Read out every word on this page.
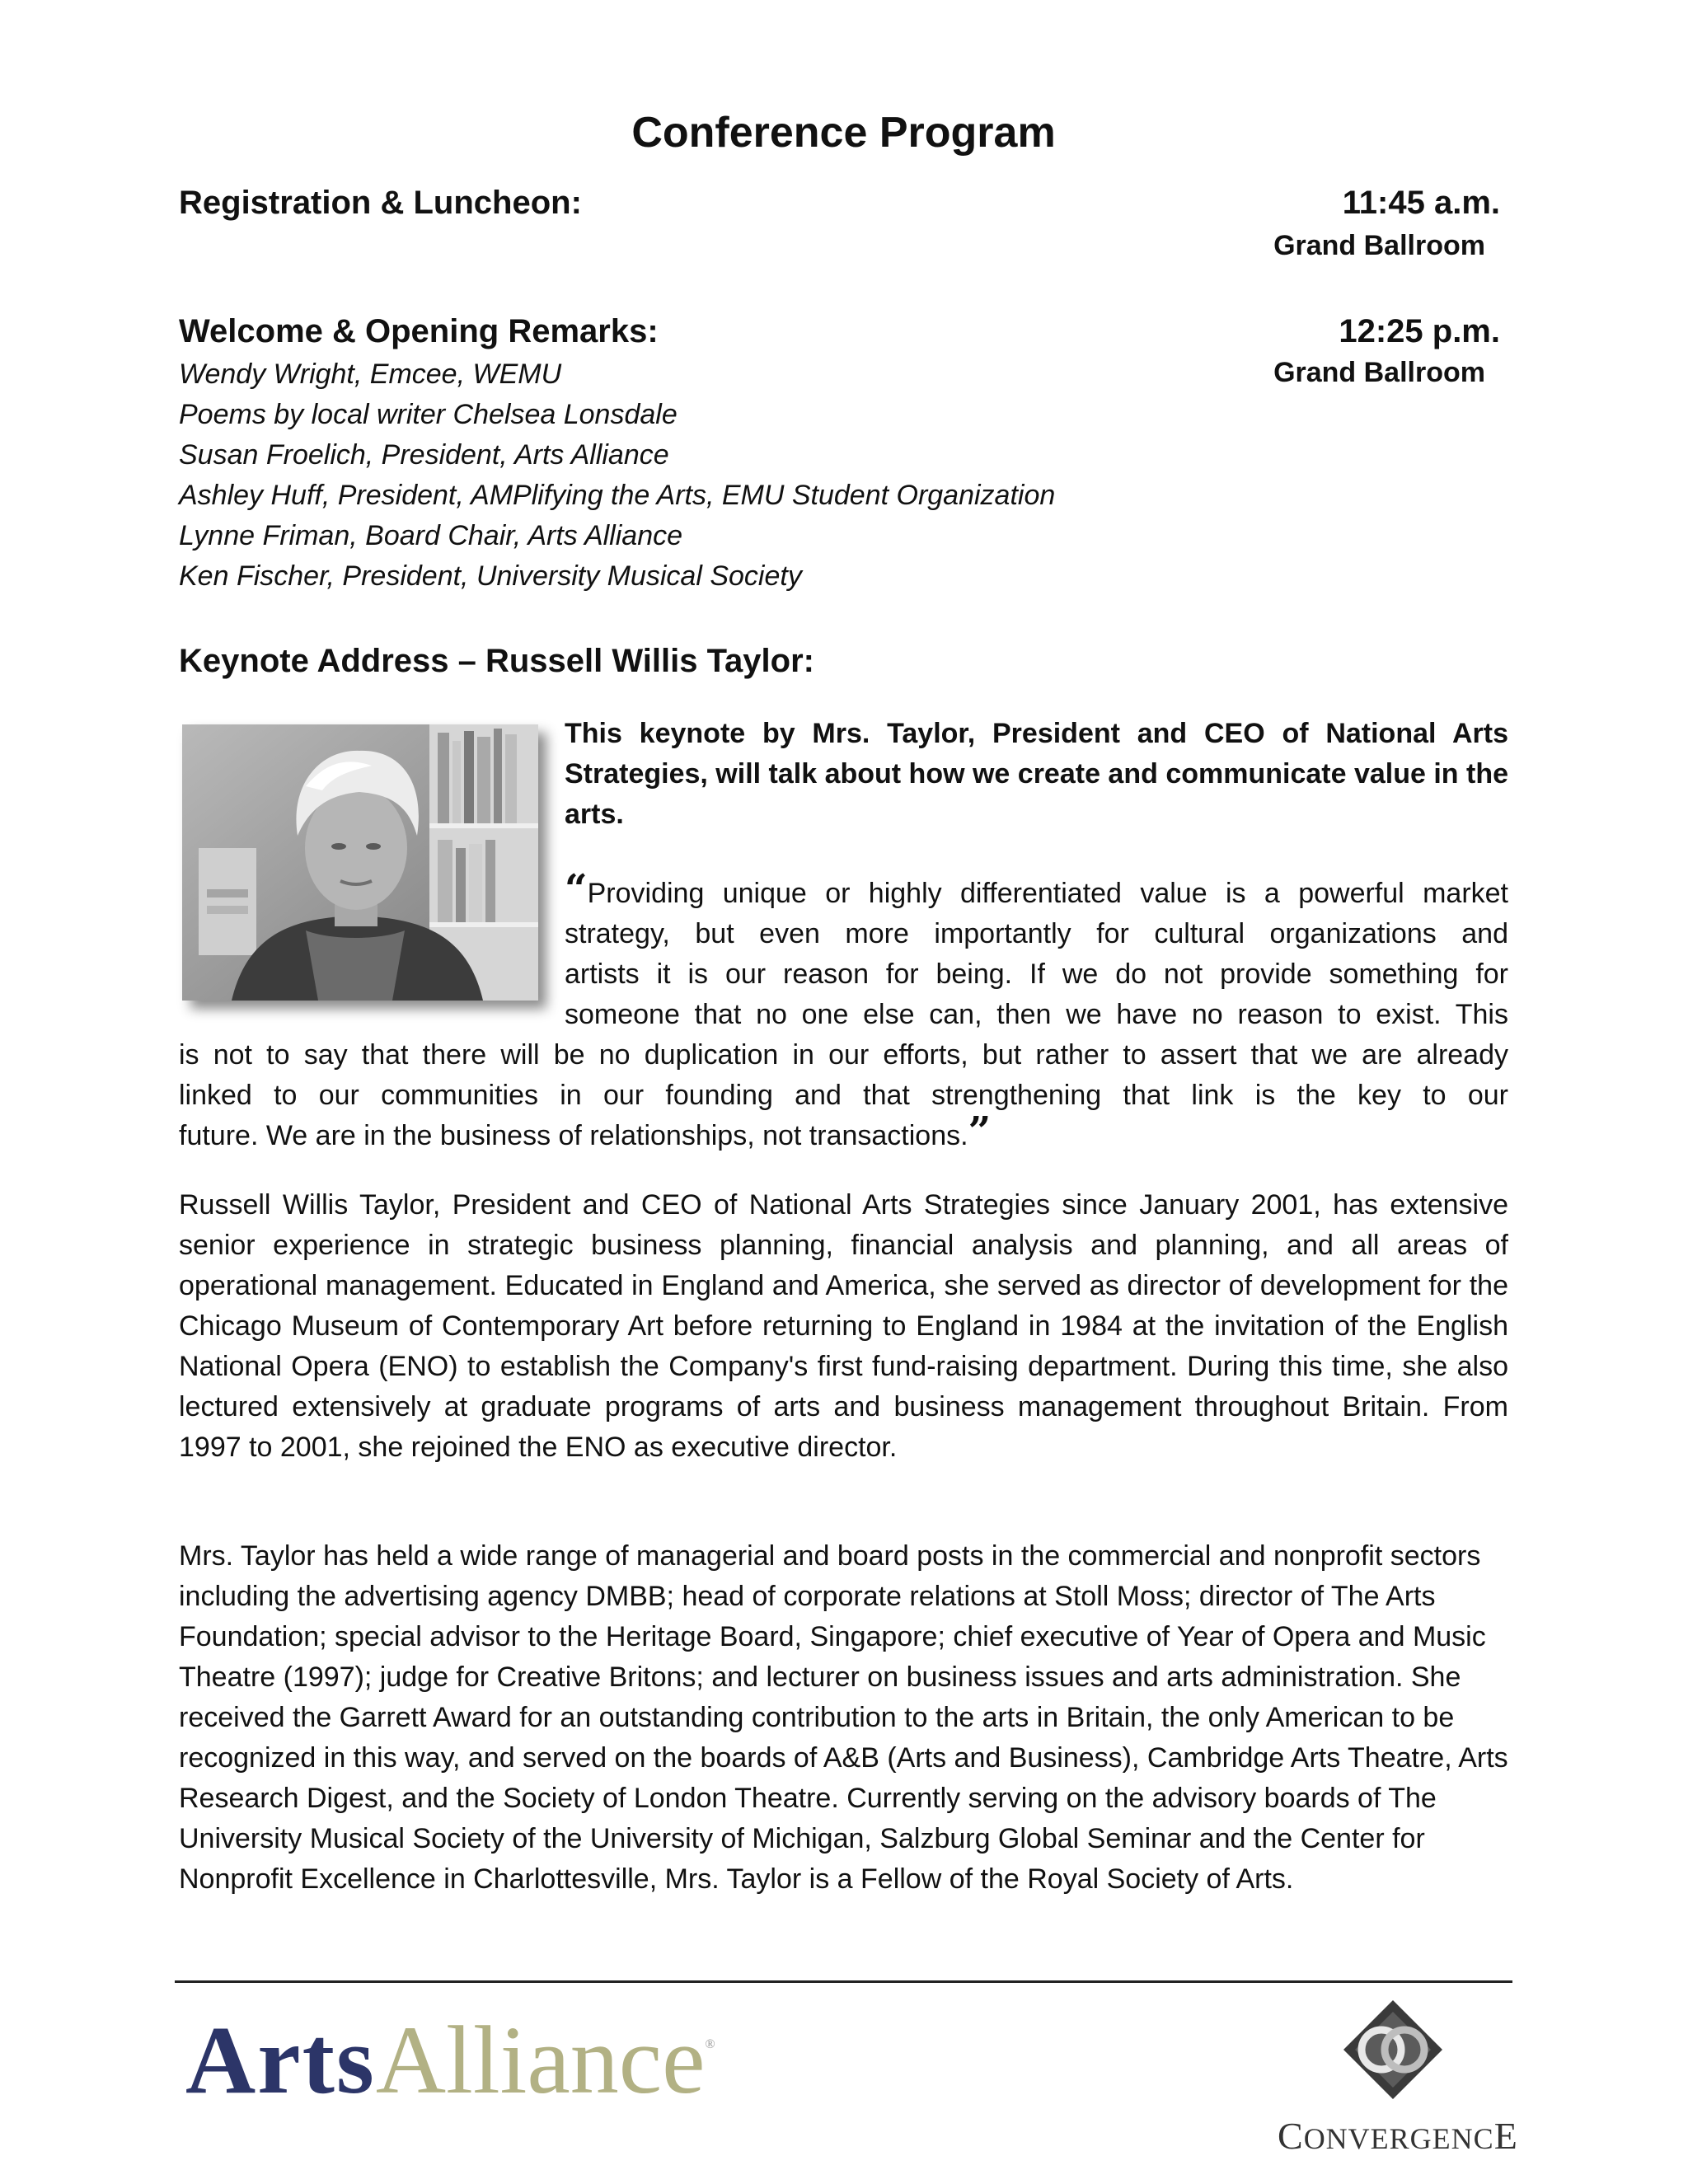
Conference Program
Registration & Luncheon:	11:45 a.m.
Grand Ballroom
Welcome & Opening Remarks:	12:25 p.m.
Grand Ballroom
Wendy Wright, Emcee, WEMU
Poems by local writer Chelsea Lonsdale
Susan Froelich, President, Arts Alliance
Ashley Huff, President, AMPlifying the Arts, EMU Student Organization
Lynne Friman, Board Chair, Arts Alliance
Ken Fischer, President, University Musical Society
Keynote Address – Russell Willis Taylor:
This keynote by Mrs. Taylor, President and CEO of National Arts Strategies, will talk about how we create and communicate value in the arts.
“Providing unique or highly differentiated value is a powerful market
strategy, but even more importantly for cultural organizations and
artists it is our reason for being. If we do not provide something for
someone that no one else can, then we have no reason to exist. This
is not to say that there will be no duplication in our efforts, but rather to assert that we are already
linked to our communities in our founding and that strengthening that link is the key to our
future. We are in the business of relationships, not transactions.”

Russell Willis Taylor, President and CEO of National Arts Strategies since January 2001, has extensive senior experience in strategic business planning, financial analysis and planning, and all areas of operational management. Educated in England and America, she served as director of development for the Chicago Museum of Contemporary Art before returning to England in 1984 at the invitation of the English National Opera (ENO) to establish the Company's first fund-raising department. During this time, she also lectured extensively at graduate programs of arts and business management throughout Britain. From 1997 to 2001, she rejoined the ENO as executive director.

Mrs. Taylor has held a wide range of managerial and board posts in the commercial and nonprofit sectors including the advertising agency DMBB; head of corporate relations at Stoll Moss; director of The Arts Foundation; special advisor to the Heritage Board, Singapore; chief executive of Year of Opera and Music Theatre (1997); judge for Creative Britons; and lecturer on business issues and arts administration. She received the Garrett Award for an outstanding contribution to the arts in Britain, the only American to be recognized in this way, and served on the boards of A&B (Arts and Business), Cambridge Arts Theatre, Arts Research Digest, and the Society of London Theatre. Currently serving on the advisory boards of The University Musical Society of the University of Michigan, Salzburg Global Seminar and the Center for Nonprofit Excellence in Charlottesville, Mrs. Taylor is a Fellow of the Royal Society of Arts.

ArtsAlliance®
CONVERGENCE
